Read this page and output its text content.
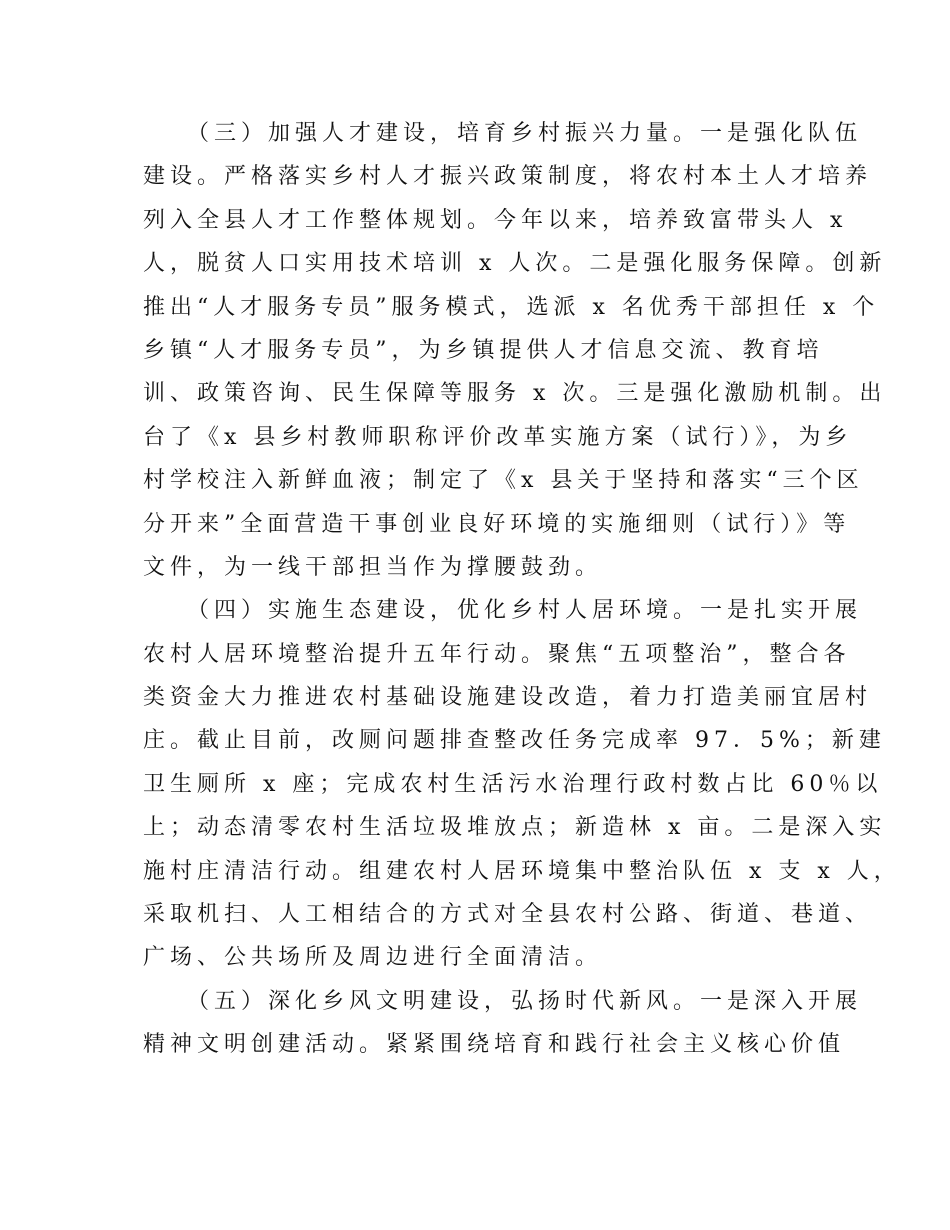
（三）加强人才建设，培育乡村振兴力量。一是强化队伍
建设。严格落实乡村人才振兴政策制度，将农村本土人才培养
列入全县人才工作整体规划。今年以来，培养致富带头人 x
人，脱贫人口实用技术培训 x 人次。二是强化服务保障。创新
推出“人才服务专员”服务模式，选派 x 名优秀干部担任 x 个
乡镇“人才服务专员”，为乡镇提供人才信息交流、教育培
训、政策咨询、民生保障等服务 x 次。三是强化激励机制。出
台了《x 县乡村教师职称评价改革实施方案（试行）》，为乡
村学校注入新鲜血液；制定了《x 县关于坚持和落实“三个区
分开来”全面营造干事创业良好环境的实施细则（试行）》等
文件，为一线干部担当作为撑腰鼓劲。
（四）实施生态建设，优化乡村人居环境。一是扎实开展
农村人居环境整治提升五年行动。聚焦“五项整治”，整合各
类资金大力推进农村基础设施建设改造，着力打造美丽宜居村
庄。截止目前，改厕问题排查整改任务完成率 97．5%；新建
卫生厕所 x 座；完成农村生活污水治理行政村数占比 60％以
上；动态清零农村生活垃圾堆放点；新造林 x 亩。二是深入实
施村庄清洁行动。组建农村人居环境集中整治队伍 x 支 x 人，
采取机扫、人工相结合的方式对全县农村公路、街道、巷道、
广场、公共场所及周边进行全面清洁。
（五）深化乡风文明建设，弘扬时代新风。一是深入开展
精神文明创建活动。紧紧围绕培育和践行社会主义核心价值
